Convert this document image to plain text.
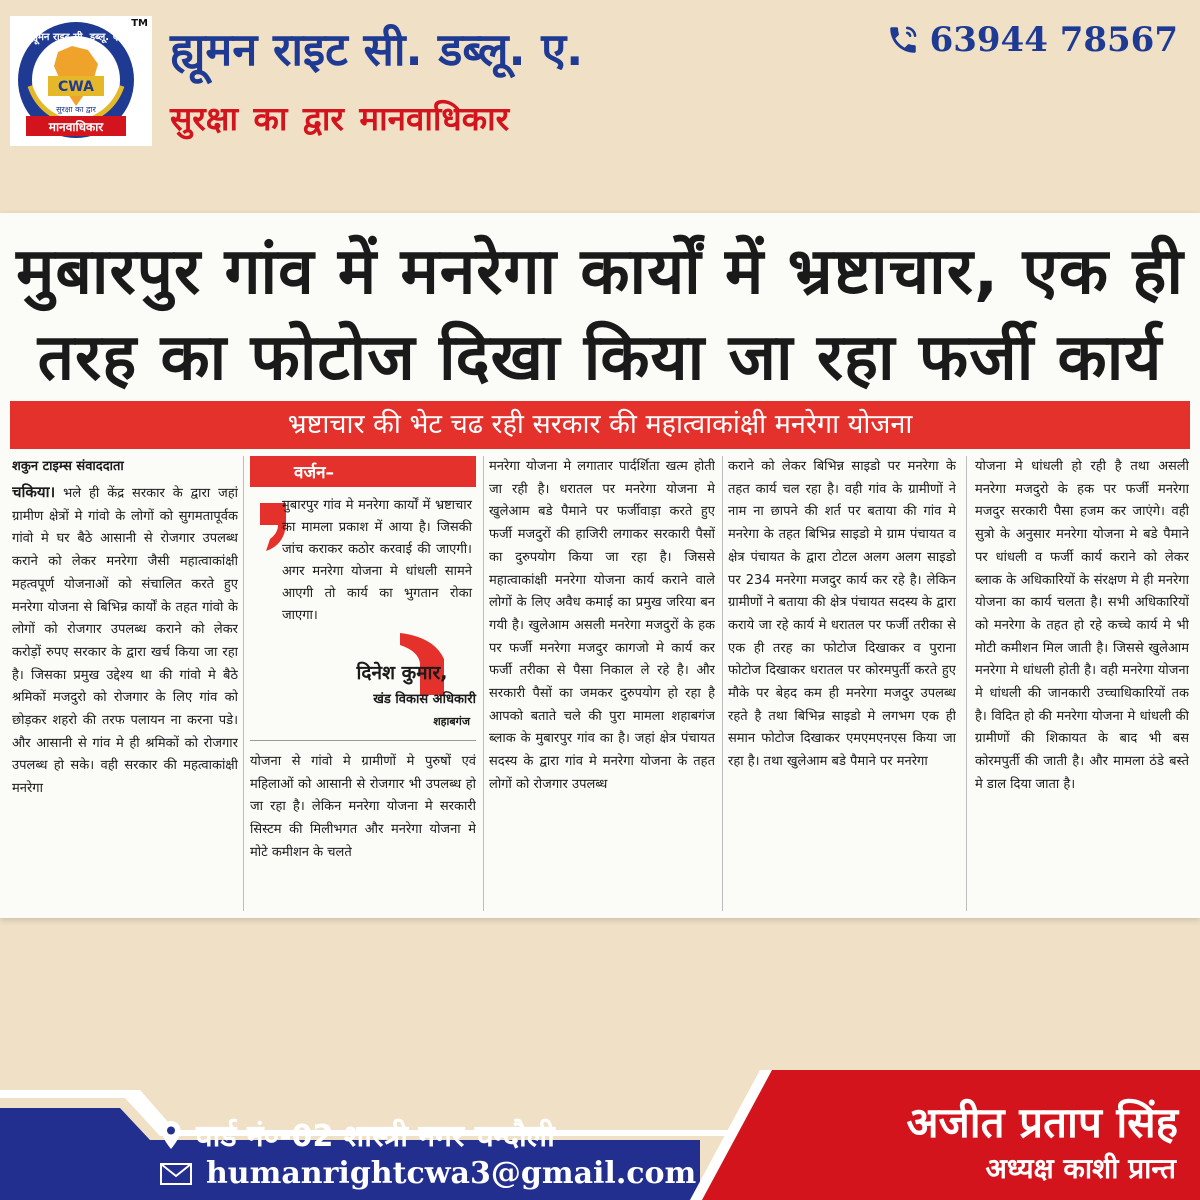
CWA
ह्यूमन राइट सी. डब्लू. ए.
मानवाधिकार
सुरक्षा का द्वार
TM ह्यूमन राइट सी. डब्लू. ए.
सुरक्षा का द्वार मानवाधिकार
63944 78567
मुबारपुर गांव में मनरेगा कार्यों में भ्रष्टाचार, एक ही
तरह का फोटोज दिखा किया जा रहा फर्जी कार्य
भ्रष्टाचार की भेट चढ रही सरकार की महात्वाकांक्षी मनरेगा योजना
शकुन टाइम्स संवाददाता
चकिया। भले ही केंद्र सरकार के द्वारा जहां ग्रामीण क्षेत्रों मे गांवो के लोगों को सुगमतापूर्वक गांवो मे घर बैठे आसानी से रोजगार उपलब्ध कराने को लेकर मनरेगा जैसी महात्वाकांक्षी महत्वपूर्ण योजनाओं को संचालित करते हुए मनरेगा योजना से बिभिन्र कार्यों के तहत गांवो के लोगों को रोजगार उपलब्ध कराने को लेकर करोड़ों रुपए सरकार के द्वारा खर्च किया जा रहा है। जिसका प्रमुख उद्देश्य था की गांवो मे बैठे श्रमिकों मजदुरो को रोजगार के लिए गांव को छोड़कर शहरो की तरफ पलायन ना करना पडे। और आसानी से गांव मे ही श्रमिकों को रोजगार उपलब्ध हो सके। वही सरकार की महत्वाकांक्षी मनरेगा
वर्जन–
मुबारपुर गांव मे मनरेगा कार्यों में भ्रष्टाचार का मामला प्रकाश में आया है। जिसकी जांच कराकर कठोर करवाई की जाएगी। अगर मनरेगा योजना मे धांधली सामने आएगी तो कार्य का भुगतान रोका जाएगा।
दिनेश कुमार,
खंड विकास अधिकारी
शहाबगंज
योजना से गांवो मे ग्रामीणों मे पुरुषों एवं महिलाओं को आसानी से रोजगार भी उपलब्ध हो जा रहा है। लेकिन मनरेगा योजना मे सरकारी सिस्टम की मिलीभगत और मनरेगा योजना मे मोटे कमीशन के चलते
मनरेगा योजना मे लगातार पार्दर्शिता खत्म होती जा रही है। धरातल पर मनरेगा योजना मे खुलेआम बडे पैमाने पर फर्जीवाड़ा करते हुए फर्जी मजदुरों की हाजिरी लगाकर सरकारी पैसों का दुरुपयोग किया जा रहा है। जिससे महात्वाकांक्षी मनरेगा योजना कार्य कराने वाले लोगों के लिए अवैध कमाई का प्रमुख जरिया बन गयी है। खुलेआम असली मनरेगा मजदुरों के हक पर फर्जी मनरेगा मजदुर कागजो मे कार्य कर फर्जी तरीका से पैसा निकाल ले रहे है। और सरकारी पैसों का जमकर दुरुपयोग हो रहा है आपको बताते चले की पुरा मामला शहाबगंज ब्लाक के मुबारपुर गांव का है। जहां क्षेत्र पंचायत सदस्य के द्वारा गांव मे मनरेगा योजना के तहत लोगों को रोजगार उपलब्ध
कराने को लेकर बिभिन्न साइडो पर मनरेगा के तहत कार्य चल रहा है। वही गांव के ग्रामीणों ने नाम ना छापने की शर्त पर बताया की गांव मे मनरेगा के तहत बिभिन्र साइडो मे ग्राम पंचायत व क्षेत्र पंचायत के द्वारा टोटल अलग अलग साइडो पर 234 मनरेगा मजदुर कार्य कर रहे है। लेकिन ग्रामीणों ने बताया की क्षेत्र पंचायत सदस्य के द्वारा कराये जा रहे कार्य मे धरातल पर फर्जी तरीका से एक ही तरह का फोटोज दिखाकर व पुराना फोटोज दिखाकर धरातल पर कोरमपुर्ती करते हुए मौके पर बेहद कम ही मनरेगा मजदुर उपलब्ध रहते है तथा बिभिन्र साइडो मे लगभग एक ही समान फोटोज दिखाकर एमएमएनएस किया जा रहा है। तथा खुलेआम बडे पैमाने पर मनरेगा
योजना मे धांधली हो रही है तथा असली मनरेगा मजदुरो के हक पर फर्जी मनरेगा मजदुर सरकारी पैसा हजम कर जाएंगे। वही सुत्रो के अनुसार मनरेगा योजना मे बडे पैमाने पर धांधली व फर्जी कार्य कराने को लेकर ब्लाक के अधिकारियों के संरक्षण मे ही मनरेगा योजना का कार्य चलता है। सभी अधिकारियों को मनरेगा के तहत हो रहे कच्चे कार्य मे भी मोटी कमीशन मिल जाती है। जिससे खुलेआम मनरेगा मे धांधली होती है। वही मनरेगा योजना मे धांधली की जानकारी उच्चाधिकारियों तक है। विदित हो की मनरेगा योजना मे धांधली की ग्रामीणों की शिकायत के बाद भी बस कोरमपुर्ती की जाती है। और मामला ठंडे बस्ते मे डाल दिया जाता है।
वार्ड नं०-02 शास्त्री नगर चन्दौली
humanrightcwa3@gmail.com
अजीत प्रताप सिंह
अध्यक्ष काशी प्रान्त
